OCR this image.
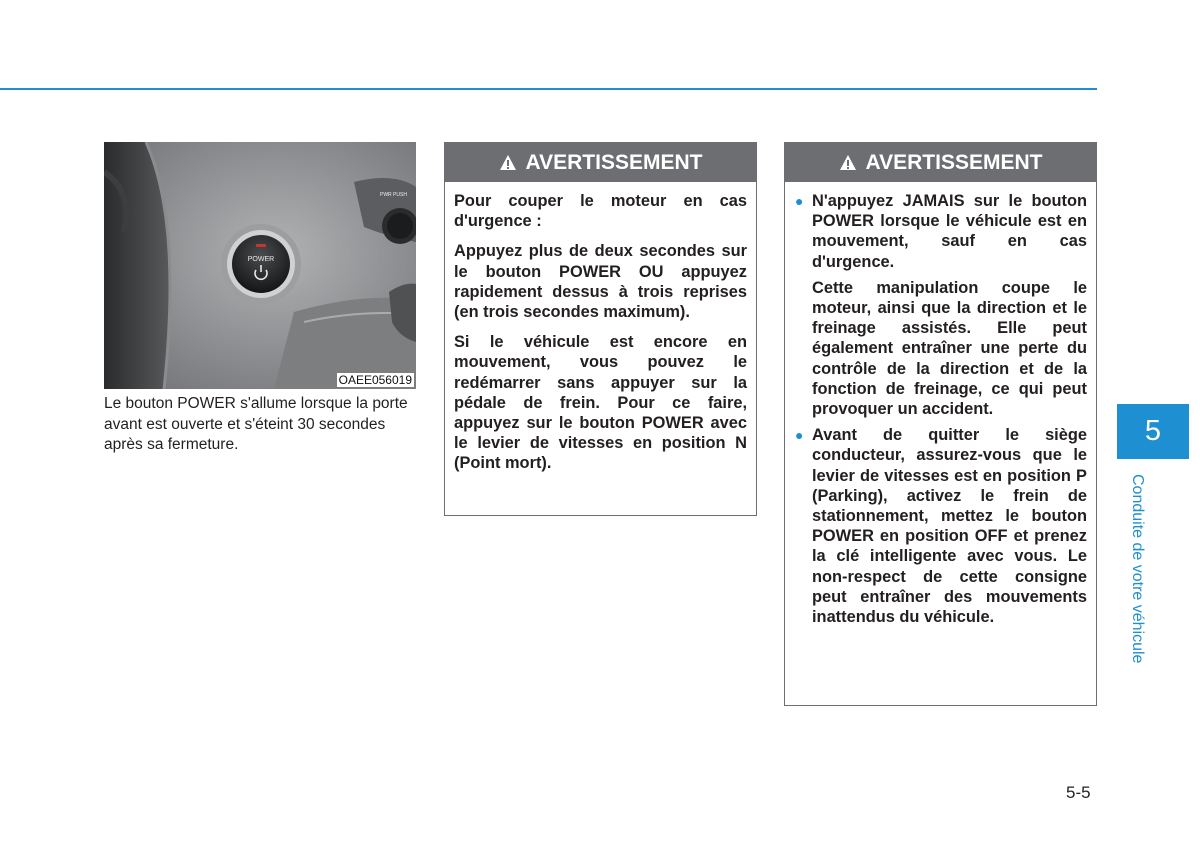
POWER
PWR PUSH
OAEE056019
Le bouton POWER s'allume lorsque la porte avant est ouverte et s'éteint 30 secondes après sa fermeture.
AVERTISSEMENT

Pour couper le moteur en cas d'urgence :

Appuyez plus de deux secondes sur le bouton POWER OU appuyez rapidement dessus à trois reprises (en trois secondes maximum).

Si le véhicule est encore en mouvement, vous pouvez le redémarrer sans appuyer sur la pédale de frein. Pour ce faire, appuyez sur le bouton POWER avec le levier de vitesses en position N (Point mort).

AVERTISSEMENT
● N'appuyez JAMAIS sur le bouton POWER lorsque le véhicule est en mouvement, sauf en cas d'urgence.

Cette manipulation coupe le moteur, ainsi que la direction et le freinage assistés. Elle peut également entraîner une perte du contrôle de la direction et de la fonction de freinage, ce qui peut provoquer un accident.

● Avant de quitter le siège conducteur, assurez-vous que le levier de vitesses est en position P (Parking), activez le frein de stationnement, mettez le bouton POWER en position OFF et prenez la clé intelligente avec vous. Le non-respect de cette consigne peut entraîner des mouvements inattendus du véhicule.

5
Conduite de votre véhicule
5-5
